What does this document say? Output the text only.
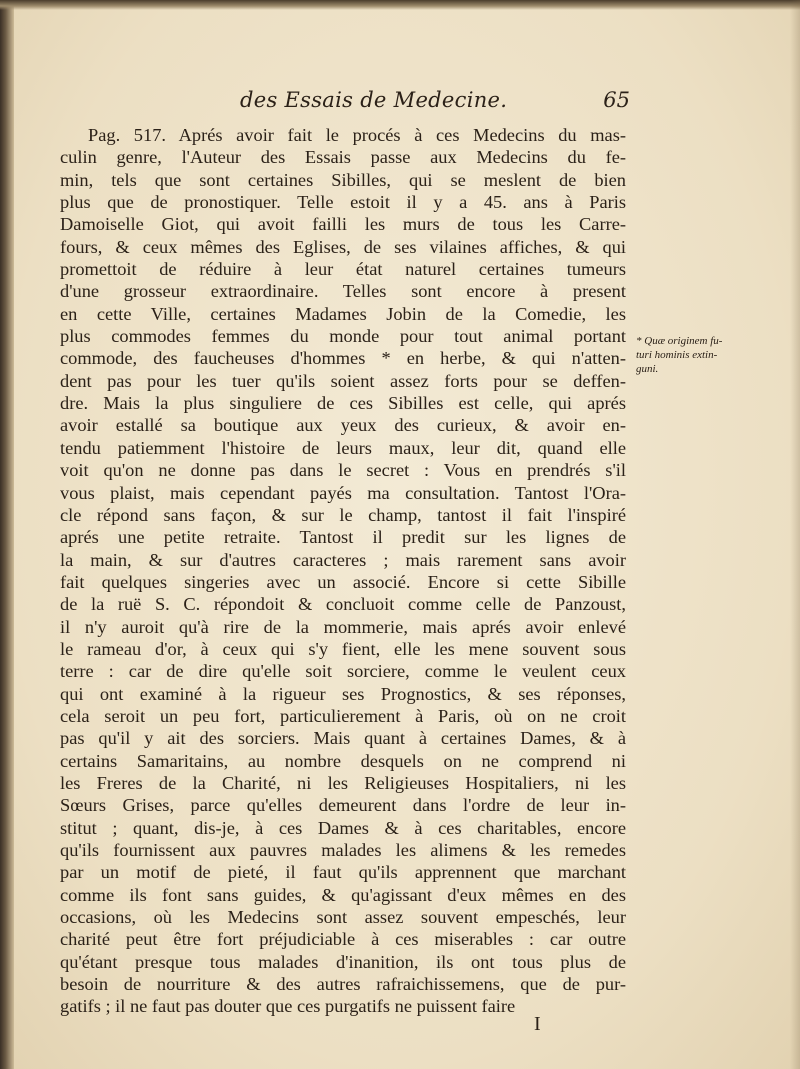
des Essais de Medecine.	65
Pag. 517. Aprés avoir fait le procés à ces Medecins du mas-
culin genre, l'Auteur des Essais passe aux Medecins du fe-
min, tels que sont certaines Sibilles, qui se meslent de bien
plus que de pronostiquer. Telle estoit il y a 45. ans à Paris
Damoiselle Giot, qui avoit failli les murs de tous les Carre-
fours, & ceux mêmes des Eglises, de ses vilaines affiches, & qui
promettoit de réduire à leur état naturel certaines tumeurs
d'une grosseur extraordinaire. Telles sont encore à present
en cette Ville, certaines Madames Jobin de la Comedie, les
plus commodes femmes du monde pour tout animal portant
commode, des faucheuses d'hommes * en herbe, & qui n'atten-
dent pas pour les tuer qu'ils soient assez forts pour se deffen-
dre. Mais la plus singuliere de ces Sibilles est celle, qui aprés
avoir estallé sa boutique aux yeux des curieux, & avoir en-
tendu patiemment l'histoire de leurs maux, leur dit, quand elle
voit qu'on ne donne pas dans le secret : Vous en prendrés s'il
vous plaist, mais cependant payés ma consultation. Tantost l'Ora-
cle répond sans façon, & sur le champ, tantost il fait l'inspiré
aprés une petite retraite. Tantost il predit sur les lignes de
la main, & sur d'autres caracteres ; mais rarement sans avoir
fait quelques singeries avec un associé. Encore si cette Sibille
de la ruë S. C. répondoit & concluoit comme celle de Panzoust,
il n'y auroit qu'à rire de la mommerie, mais aprés avoir enlevé
le rameau d'or, à ceux qui s'y fient, elle les mene souvent sous
terre : car de dire qu'elle soit sorciere, comme le veulent ceux
qui ont examiné à la rigueur ses Prognostics, & ses réponses,
cela seroit un peu fort, particulierement à Paris, où on ne croit
pas qu'il y ait des sorciers. Mais quant à certaines Dames, & à
certains Samaritains, au nombre desquels on ne comprend ni
les Freres de la Charité, ni les Religieuses Hospitaliers, ni les
Sœurs Grises, parce qu'elles demeurent dans l'ordre de leur in-
stitut ; quant, dis-je, à ces Dames & à ces charitables, encore
qu'ils fournissent aux pauvres malades les alimens & les remedes
par un motif de pieté, il faut qu'ils apprennent que marchant
comme ils font sans guides, & qu'agissant d'eux mêmes en des
occasions, où les Medecins sont assez souvent empeschés, leur
charité peut être fort préjudiciable à ces miserables : car outre
qu'étant presque tous malades d'inanition, ils ont tous plus de
besoin de nourriture & des autres rafraichissemens, que de pur-
gatifs ; il ne faut pas douter que ces purgatifs ne puissent faire
* Quæ originem fu-
turi hominis extin-
guni.
I
